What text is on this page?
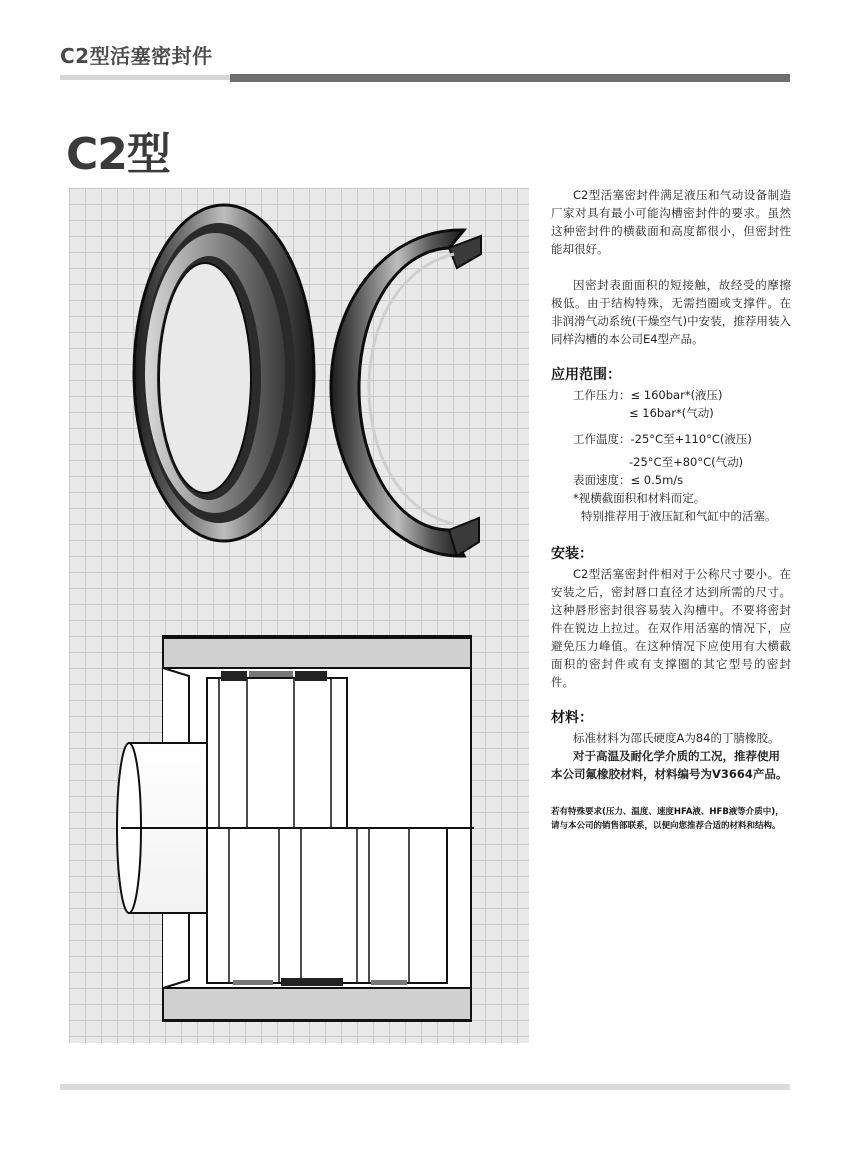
C2型活塞密封件
C2型

C2型活塞密封件满足液压和气动设备制造厂家对具有最小可能沟槽密封件的要求。虽然这种密封件的横截面和高度都很小，但密封性能却很好。

因密封表面面积的短接触，故经受的摩擦极低。由于结构特殊，无需挡圈或支撑件。在非润滑气动系统(干燥空气)中安装，推荐用装入同样沟槽的本公司E4型产品。

应用范围：
工作压力：≤ 160bar*(液压)
≤ 16bar*(气动)
工作温度：-25°C至+110°C(液压)
-25°C至+80°C(气动)
表面速度：≤ 0.5m/s
*视横截面积和材料而定。
特别推荐用于液压缸和气缸中的活塞。
安装：

C2型活塞密封件相对于公称尺寸要小。在安装之后，密封唇口直径才达到所需的尺寸。这种唇形密封很容易装入沟槽中。不要将密封件在锐边上拉过。在双作用活塞的情况下，应避免压力峰值。在这种情况下应使用有大横截面积的密封件或有支撑圈的其它型号的密封件。

材料：

标准材料为邵氏硬度A为84的丁腈橡胶。

对于高温及耐化学介质的工况，推荐使用本公司氟橡胶材料，材料编号为V3664产品。

若有特殊要求(压力、温度、速度HFA液、HFB液等介质中)，请与本公司的销售部联系，以便向您推荐合适的材料和结构。
